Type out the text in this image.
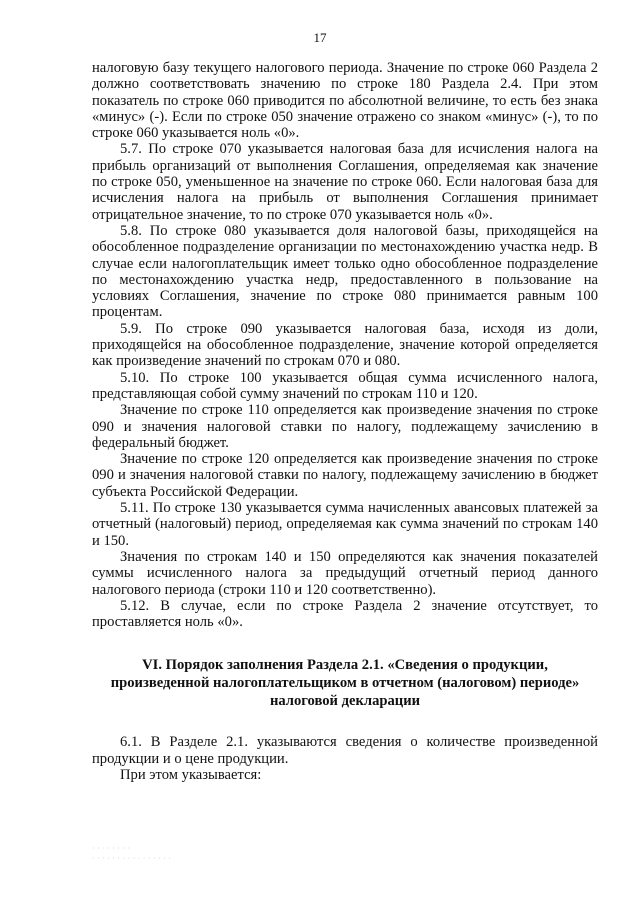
17

налоговую базу текущего налогового периода. Значение по строке 060 Раздела 2 должно соответствовать значению по строке 180 Раздела 2.4. При этом показатель по строке 060 приводится по абсолютной величине, то есть без знака «минус» (-). Если по строке 050 значение отражено со знаком «минус» (-), то по строке 060 указывается ноль «0».

5.7. По строке 070 указывается налоговая база для исчисления налога на прибыль организаций от выполнения Соглашения, определяемая как значение по строке 050, уменьшенное на значение по строке 060. Если налоговая база для исчисления налога на прибыль от выполнения Соглашения принимает отрицательное значение, то по строке 070 указывается ноль «0».

5.8. По строке 080 указывается доля налоговой базы, приходящейся на обособленное подразделение организации по местонахождению участка недр. В случае если налогоплательщик имеет только одно обособленное подразделение по местонахождению участка недр, предоставленного в пользование на условиях Соглашения, значение по строке 080 принимается равным 100 процентам.

5.9. По строке 090 указывается налоговая база, исходя из доли, приходящейся на обособленное подразделение, значение которой определяется как произведение значений по строкам 070 и 080.

5.10. По строке 100 указывается общая сумма исчисленного налога, представляющая собой сумму значений по строкам 110 и 120.

Значение по строке 110 определяется как произведение значения по строке 090 и значения налоговой ставки по налогу, подлежащему зачислению в федеральный бюджет.

Значение по строке 120 определяется как произведение значения по строке 090 и значения налоговой ставки по налогу, подлежащему зачислению в бюджет субъекта Российской Федерации.

5.11. По строке 130 указывается сумма начисленных авансовых платежей за отчетный (налоговый) период, определяемая как сумма значений по строкам 140 и 150.

Значения по строкам 140 и 150 определяются как значения показателей суммы исчисленного налога за предыдущий отчетный период данного налогового периода (строки 110 и 120 соответственно).

5.12. В случае, если по строке Раздела 2 значение отсутствует, то проставляется ноль «0».

VI. Порядок заполнения Раздела 2.1. «Сведения о продукции, произведенной налогоплательщиком в отчетном (налоговом) периоде» налоговой декларации

6.1. В Разделе 2.1. указываются сведения о количестве произведенной продукции и о цене продукции.

При этом указывается:

· · · · · · · ·
· · · · · · · · · · · · · · · ·
